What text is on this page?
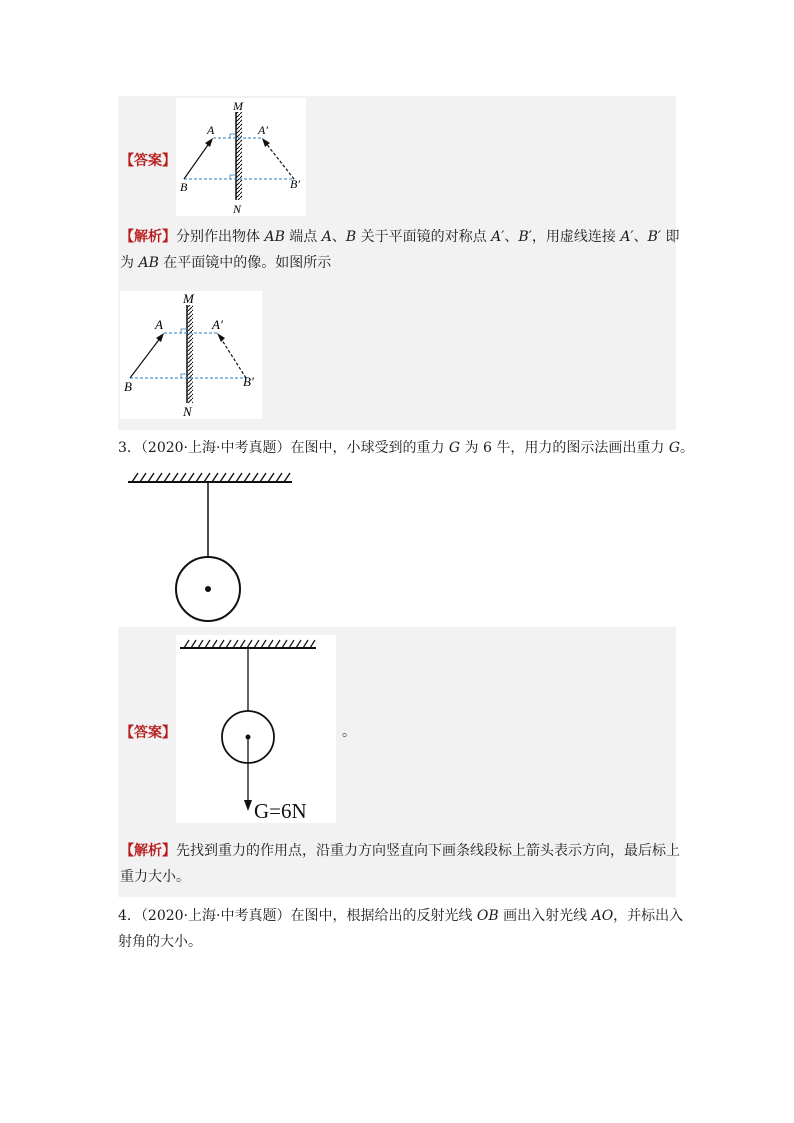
【答案】
M
N
A
B
A′
B′
【解析】分别作出物体 AB 端点 A、B 关于平面镜的对称点 A′、B′，用虚线连接 A′、B′ 即
为 AB 在平面镜中的像。如图所示
M
N
A
B
A′
B′
3．（2020·上海·中考真题）在图中，小球受到的重力 G 为 6 牛，用力的图示法画出重力 G。
【答案】
G=6N
。
【解析】先找到重力的作用点，沿重力方向竖直向下画条线段标上箭头表示方向，最后标上
重力大小。
4．（2020·上海·中考真题）在图中，根据给出的反射光线 OB 画出入射光线 AO，并标出入
射角的大小。
